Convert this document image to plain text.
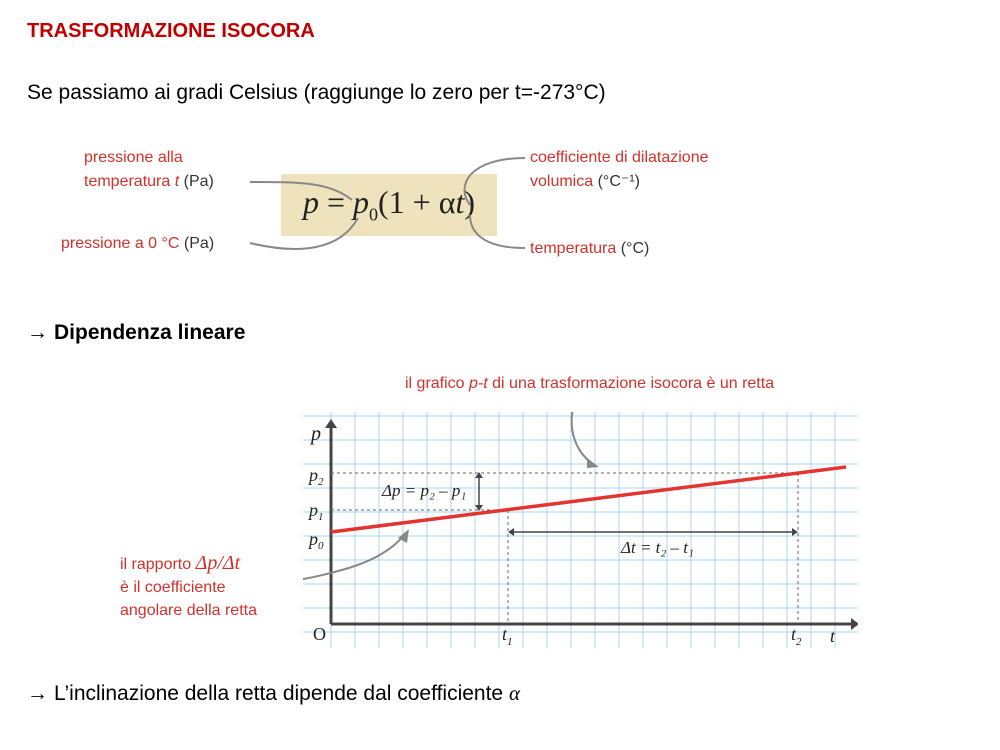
TRASFORMAZIONE ISOCORA
Se passiamo ai gradi Celsius (raggiunge lo zero per t=-273°C)
$p = p_0(1 + \alpha t)$
pressione alla
temperatura t (Pa)
pressione a 0 °C (Pa)
coefficiente di dilatazione
volumica (°C⁻¹)
temperatura (°C)
→ Dipendenza lineare
il grafico p-t di una trasformazione isocora è un retta
p
t
O
$p_0$
$p_1$
$p_2$
$t_1$	$t_2$
Δp = p₂ – p₁
Δt = t₂ – t₁
il rapporto Δp/Δt
è il coefficiente
angolare della retta
→ L’inclinazione della retta dipende dal coefficiente α
